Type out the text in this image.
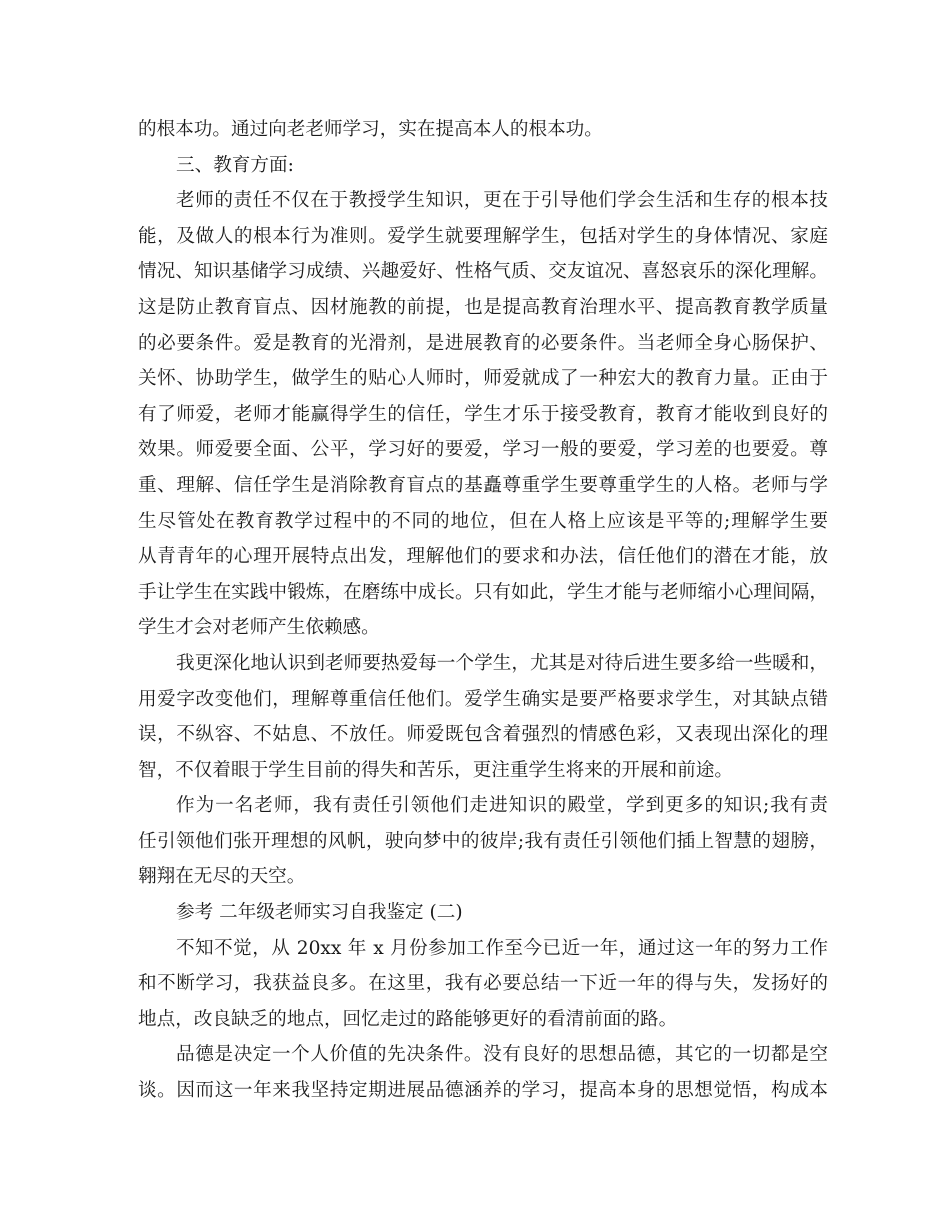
的根本功。通过向老老师学习，实在提高本人的根本功。
三、教育方面:
老师的责任不仅在于教授学生知识，更在于引导他们学会生活和生存的根本技
能，及做人的根本行为准则。爱学生就要理解学生，包括对学生的身体情况、家庭
情况、知识基储学习成绩、兴趣爱好、性格气质、交友谊况、喜怒哀乐的深化理解。
这是防止教育盲点、因材施教的前提，也是提高教育治理水平、提高教育教学质量
的必要条件。爱是教育的光滑剂，是进展教育的必要条件。当老师全身心肠保护、
关怀、协助学生，做学生的贴心人师时，师爱就成了一种宏大的教育力量。正由于
有了师爱，老师才能赢得学生的信任，学生才乐于接受教育，教育才能收到良好的
效果。师爱要全面、公平，学习好的要爱，学习一般的要爱，学习差的也要爱。尊
重、理解、信任学生是消除教育盲点的基矗尊重学生要尊重学生的人格。老师与学
生尽管处在教育教学过程中的不同的地位，但在人格上应该是平等的;理解学生要
从青青年的心理开展特点出发，理解他们的要求和办法，信任他们的潜在才能，放
手让学生在实践中锻炼，在磨练中成长。只有如此，学生才能与老师缩小心理间隔，
学生才会对老师产生依赖感。
我更深化地认识到老师要热爱每一个学生，尤其是对待后进生要多给一些暖和，
用爱字改变他们，理解尊重信任他们。爱学生确实是要严格要求学生，对其缺点错
误，不纵容、不姑息、不放任。师爱既包含着强烈的情感色彩，又表现出深化的理
智，不仅着眼于学生目前的得失和苦乐，更注重学生将来的开展和前途。
作为一名老师，我有责任引领他们走进知识的殿堂，学到更多的知识;我有责
任引领他们张开理想的风帆，驶向梦中的彼岸;我有责任引领他们插上智慧的翅膀，
翱翔在无尽的天空。
参考 二年级老师实习自我鉴定 (二)
不知不觉，从 20xx 年 x 月份参加工作至今已近一年，通过这一年的努力工作
和不断学习，我获益良多。在这里，我有必要总结一下近一年的得与失，发扬好的
地点，改良缺乏的地点，回忆走过的路能够更好的看清前面的路。
品德是决定一个人价值的先决条件。没有良好的思想品德，其它的一切都是空
谈。因而这一年来我坚持定期进展品德涵养的学习，提高本身的思想觉悟，构成本
